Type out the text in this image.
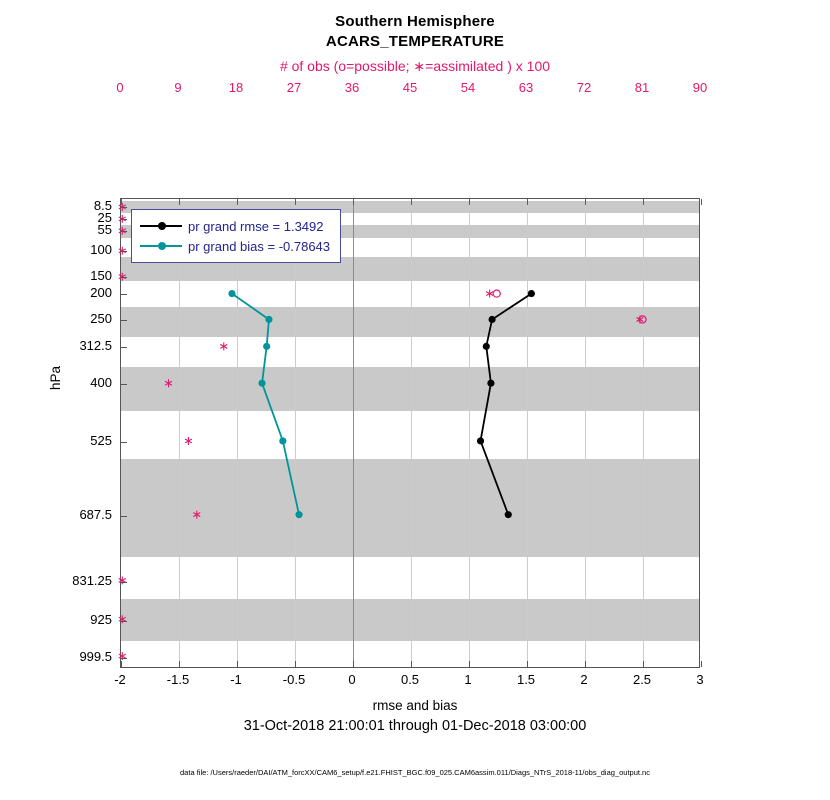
Southern Hemisphere
ACARS_TEMPERATURE
# of obs (o=possible; ∗=assimilated ) x 100
rmse and bias
hPa
31-Oct-2018 21:00:01 through 01-Dec-2018 03:00:00
data file: /Users/raeder/DAI/ATM_forcXX/CAM6_setup/f.e21.FHIST_BGC.f09_025.CAM6assim.011/Diags_NTrS_2018-11/obs_diag_output.nc
pr grand rmse = 1.3492
pr grand bias = -0.78643
-2	-1.5	-1	-0.5	0	0.5	1	1.5	2	2.5	3
0	9	18	27	36	45	54	63	72	81	90
8.5
25
55
100
150
200
250
312.5
400
525
687.5
831.25
925
999.5
